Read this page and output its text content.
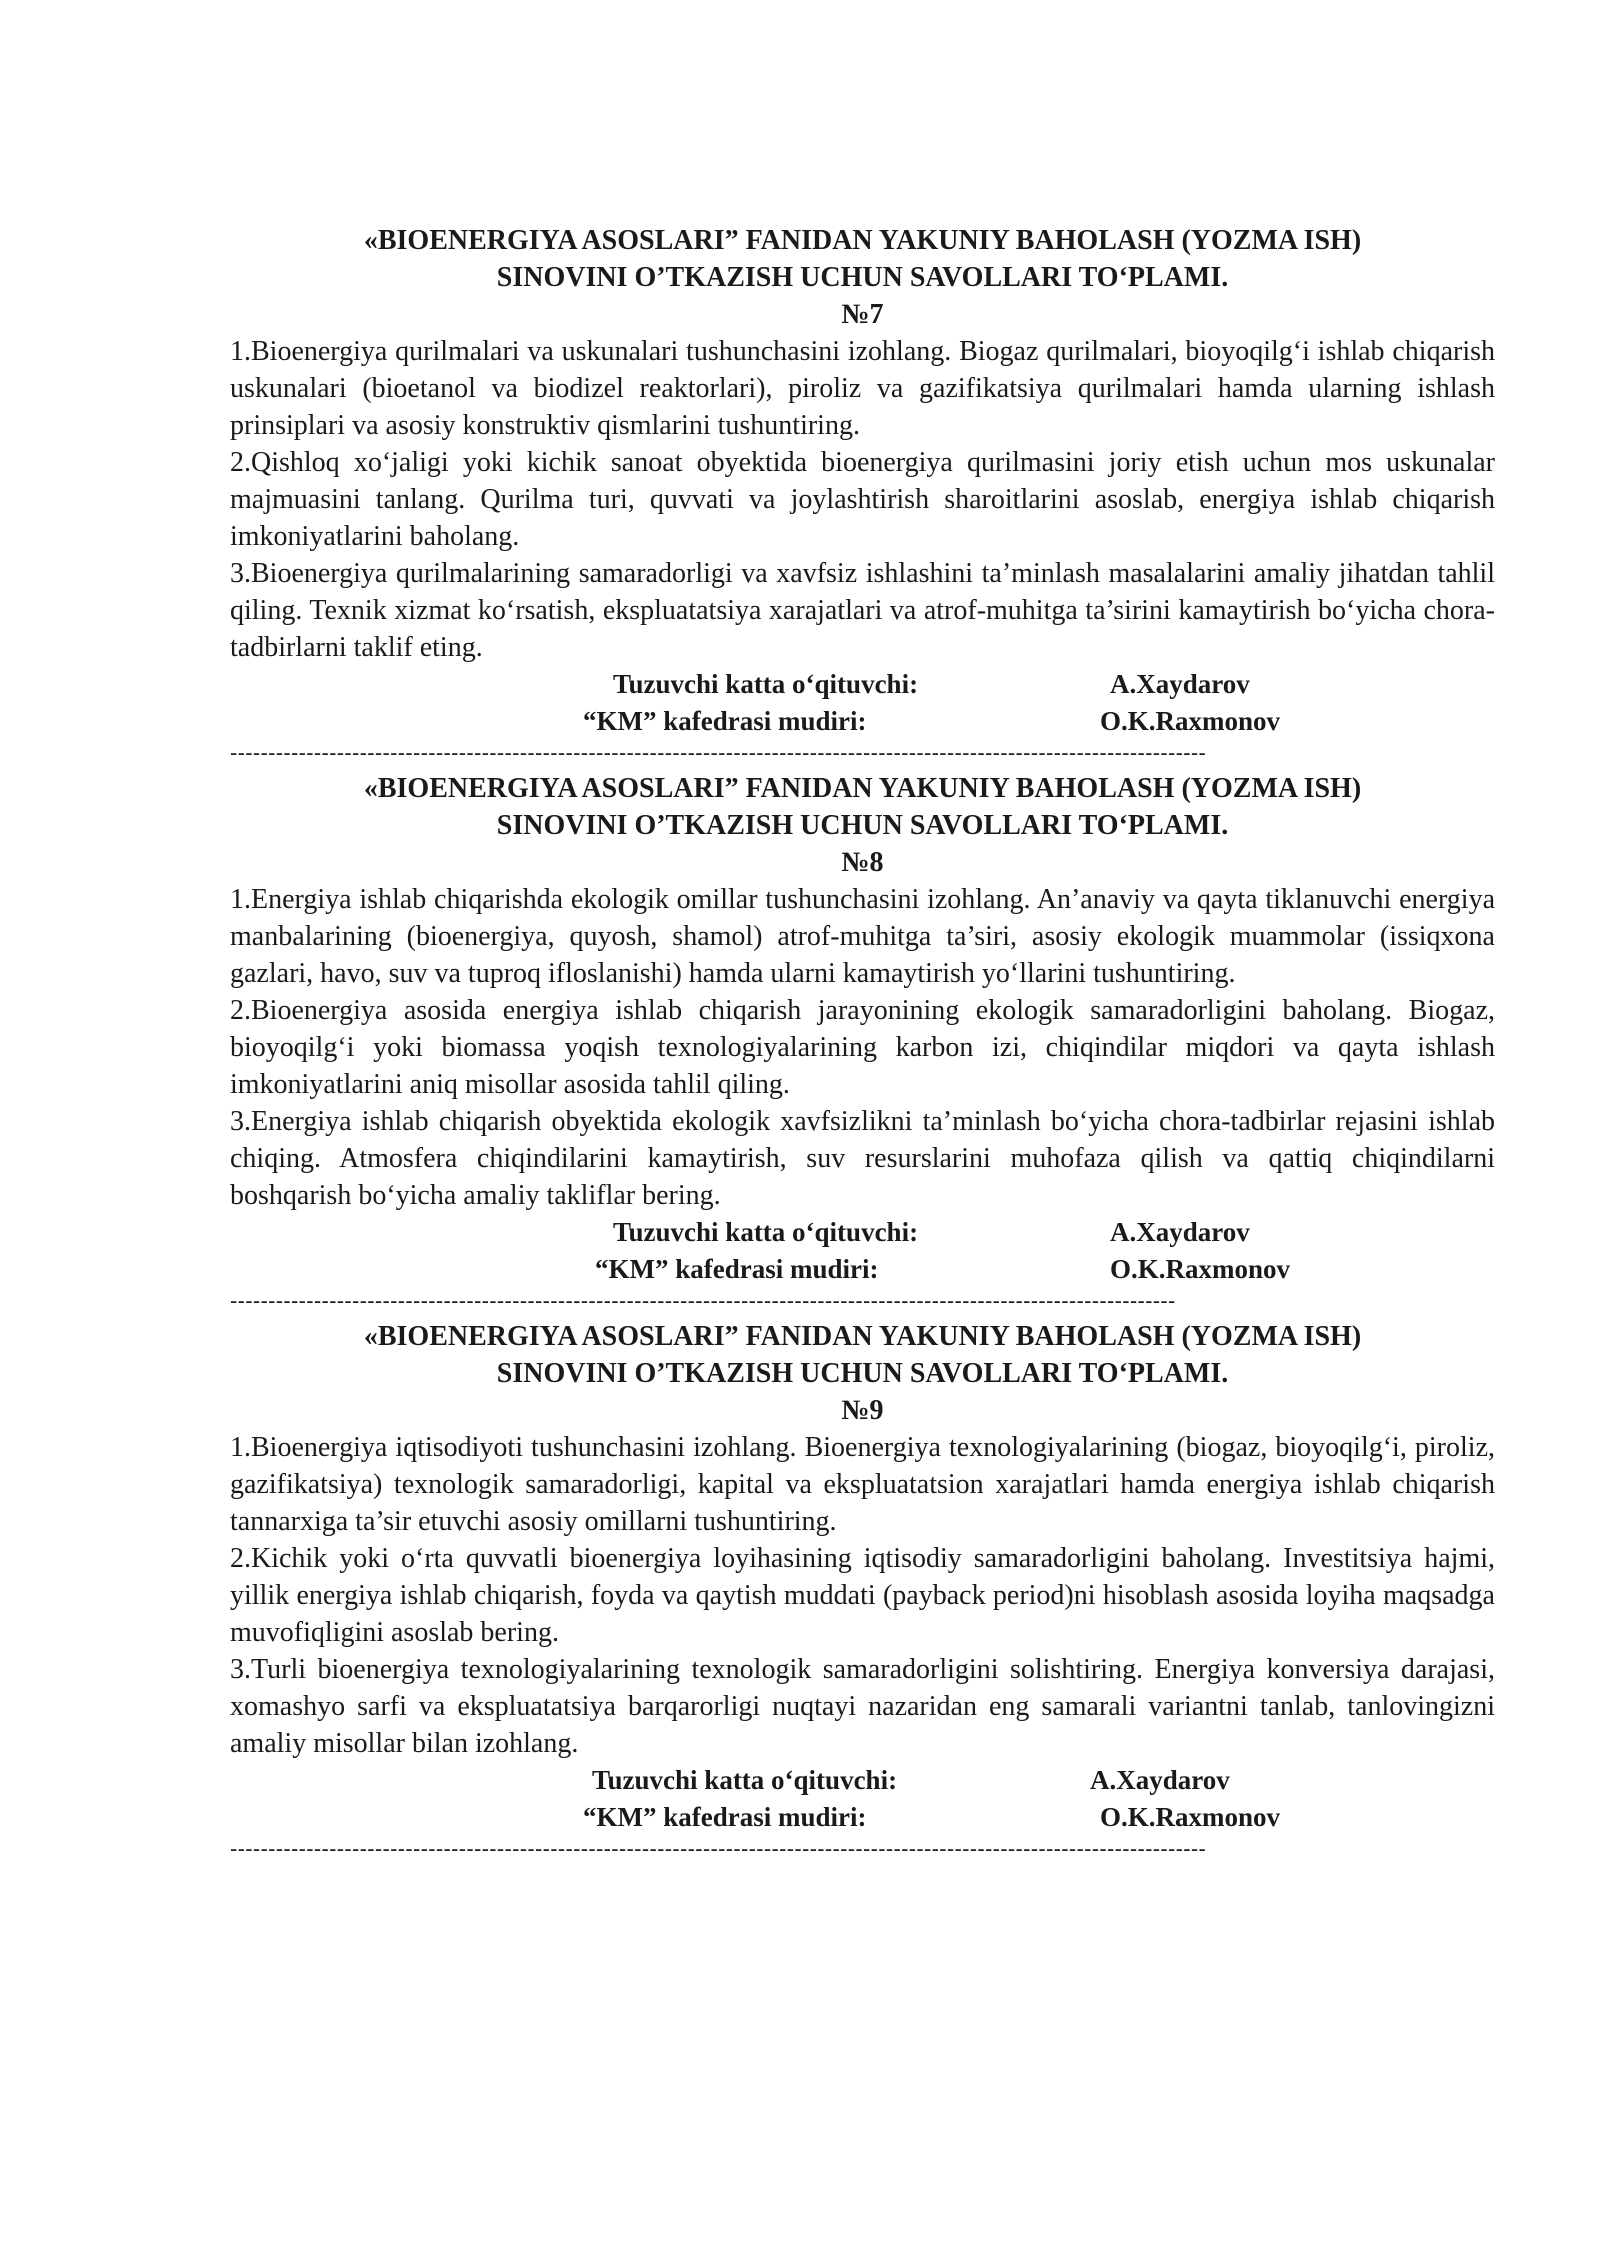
«BIOENERGIYA ASOSLARI” FANIDAN YAKUNIY BAHOLASH (YOZMA ISH)
SINOVINI O’TKAZISH UCHUN SAVOLLARI TO‘PLAMI.
№7
1.Bioenergiya qurilmalari va uskunalari tushunchasini izohlang. Biogaz qurilmalari, bioyoqilg‘i ishlab chiqarish uskunalari (bioetanol va biodizel reaktorlari), piroliz va gazifikatsiya qurilmalari hamda ularning ishlash prinsiplari va asosiy konstruktiv qismlarini tushuntiring.
2.Qishloq xo‘jaligi yoki kichik sanoat obyektida bioenergiya qurilmasini joriy etish uchun mos uskunalar majmuasini tanlang. Qurilma turi, quvvati va joylashtirish sharoitlarini asoslab, energiya ishlab chiqarish imkoniyatlarini baholang.
3.Bioenergiya qurilmalarining samaradorligi va xavfsiz ishlashini ta’minlash masalalarini amaliy jihatdan tahlil qiling. Texnik xizmat ko‘rsatish, ekspluatatsiya xarajatlari va atrof-muhitga ta’sirini kamaytirish bo‘yicha chora-tadbirlarni taklif eting.
Tuzuvchi katta o‘qituvchi:	A.Xaydarov
“KM” kafedrasi mudiri:	O.K.Raxmonov
--------------------------------------------------------------------------------------------------------------------------------
«BIOENERGIYA ASOSLARI” FANIDAN YAKUNIY BAHOLASH (YOZMA ISH)
SINOVINI O’TKAZISH UCHUN SAVOLLARI TO‘PLAMI.
№8
1.Energiya ishlab chiqarishda ekologik omillar tushunchasini izohlang. An’anaviy va qayta tiklanuvchi energiya manbalarining (bioenergiya, quyosh, shamol) atrof-muhitga ta’siri, asosiy ekologik muammolar (issiqxona gazlari, havo, suv va tuproq ifloslanishi) hamda ularni kamaytirish yo‘llarini tushuntiring.
2.Bioenergiya asosida energiya ishlab chiqarish jarayonining ekologik samaradorligini baholang. Biogaz, bioyoqilg‘i yoki biomassa yoqish texnologiyalarining karbon izi, chiqindilar miqdori va qayta ishlash imkoniyatlarini aniq misollar asosida tahlil qiling.
3.Energiya ishlab chiqarish obyektida ekologik xavfsizlikni ta’minlash bo‘yicha chora-tadbirlar rejasini ishlab chiqing. Atmosfera chiqindilarini kamaytirish, suv resurslarini muhofaza qilish va qattiq chiqindilarni boshqarish bo‘yicha amaliy takliflar bering.
Tuzuvchi katta o‘qituvchi:	A.Xaydarov
“KM” kafedrasi mudiri:	O.K.Raxmonov
----------------------------------------------------------------------------------------------------------------------------
«BIOENERGIYA ASOSLARI” FANIDAN YAKUNIY BAHOLASH (YOZMA ISH)
SINOVINI O’TKAZISH UCHUN SAVOLLARI TO‘PLAMI.
№9
1.Bioenergiya iqtisodiyoti tushunchasini izohlang. Bioenergiya texnologiyalarining (biogaz, bioyoqilg‘i, piroliz, gazifikatsiya) texnologik samaradorligi, kapital va ekspluatatsion xarajatlari hamda energiya ishlab chiqarish tannarxiga ta’sir etuvchi asosiy omillarni tushuntiring.
2.Kichik yoki o‘rta quvvatli bioenergiya loyihasining iqtisodiy samaradorligini baholang. Investitsiya hajmi, yillik energiya ishlab chiqarish, foyda va qaytish muddati (payback period)ni hisoblash asosida loyiha maqsadga muvofiqligini asoslab bering.
3.Turli bioenergiya texnologiyalarining texnologik samaradorligini solishtiring. Energiya konversiya darajasi, xomashyo sarfi va ekspluatatsiya barqarorligi nuqtayi nazaridan eng samarali variantni tanlab, tanlovingizni amaliy misollar bilan izohlang.
Tuzuvchi katta o‘qituvchi:	A.Xaydarov
“KM” kafedrasi mudiri:	O.K.Raxmonov
--------------------------------------------------------------------------------------------------------------------------------
